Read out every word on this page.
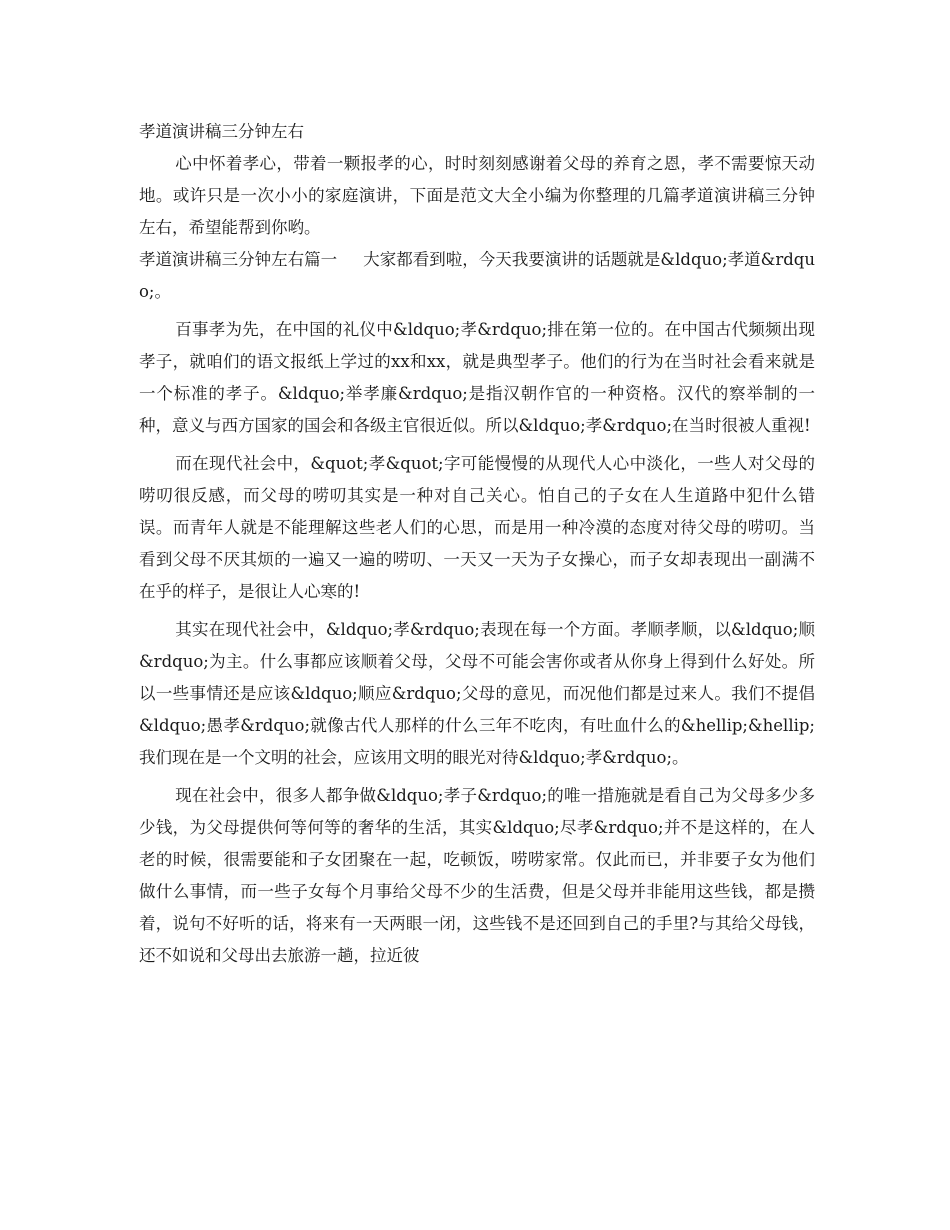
孝道演讲稿三分钟左右

心中怀着孝心，带着一颗报孝的心，时时刻刻感谢着父母的养育之恩，孝不需要惊天动地。或许只是一次小小的家庭演讲，下面是范文大全小编为你整理的几篇孝道演讲稿三分钟左右，希望能帮到你哟。

孝道演讲稿三分钟左右篇一 大家都看到啦，今天我要演讲的话题就是&ldquo;孝道&rdquo;。

百事孝为先，在中国的礼仪中&ldquo;孝&rdquo;排在第一位的。在中国古代频频出现孝子，就咱们的语文报纸上学过的xx和xx，就是典型孝子。他们的行为在当时社会看来就是一个标准的孝子。&ldquo;举孝廉&rdquo;是指汉朝作官的一种资格。汉代的察举制的一种，意义与西方国家的国会和各级主官很近似。所以&ldquo;孝&rdquo;在当时很被人重视!

而在现代社会中，&quot;孝&quot;字可能慢慢的从现代人心中淡化，一些人对父母的唠叨很反感，而父母的唠叨其实是一种对自己关心。怕自己的子女在人生道路中犯什么错误。而青年人就是不能理解这些老人们的心思，而是用一种冷漠的态度对待父母的唠叨。当看到父母不厌其烦的一遍又一遍的唠叨、一天又一天为子女操心，而子女却表现出一副满不在乎的样子，是很让人心寒的!

其实在现代社会中，&ldquo;孝&rdquo;表现在每一个方面。孝顺孝顺，以&ldquo;顺&rdquo;为主。什么事都应该顺着父母，父母不可能会害你或者从你身上得到什么好处。所以一些事情还是应该&ldquo;顺应&rdquo;父母的意见，而况他们都是过来人。我们不提倡&ldquo;愚孝&rdquo;就像古代人那样的什么三年不吃肉，有吐血什么的&hellip;&hellip;我们现在是一个文明的社会，应该用文明的眼光对待&ldquo;孝&rdquo;。

现在社会中，很多人都争做&ldquo;孝子&rdquo;的唯一措施就是看自己为父母多少多少钱，为父母提供何等何等的奢华的生活，其实&ldquo;尽孝&rdquo;并不是这样的，在人老的时候，很需要能和子女团聚在一起，吃顿饭，唠唠家常。仅此而已，并非要子女为他们做什么事情，而一些子女每个月事给父母不少的生活费，但是父母并非能用这些钱，都是攒着，说句不好听的话，将来有一天两眼一闭，这些钱不是还回到自己的手里?与其给父母钱，还不如说和父母出去旅游一趟，拉近彼
